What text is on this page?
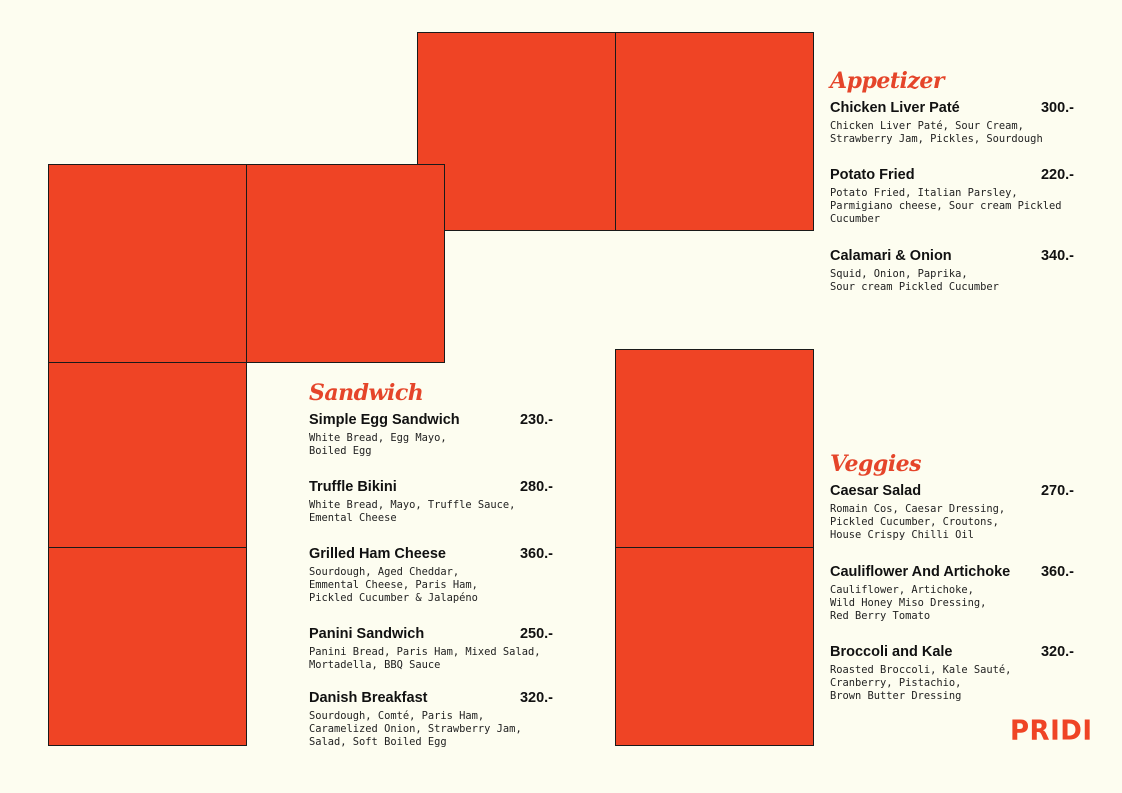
Appetizer
Chicken Liver Paté	300.-
Chicken Liver Paté, Sour Cream,
Strawberry Jam, Pickles, Sourdough
Potato Fried	220.-
Potato Fried, Italian Parsley,
Parmigiano cheese, Sour cream Pickled
Cucumber
Calamari & Onion	340.-
Squid, Onion, Paprika,
Sour cream Pickled Cucumber
Sandwich
Simple Egg Sandwich	230.-
White Bread, Egg Mayo,
Boiled Egg
Truffle Bikini	280.-
White Bread, Mayo, Truffle Sauce,
Emental Cheese
Grilled Ham Cheese	360.-
Sourdough, Aged Cheddar,
Emmental Cheese, Paris Ham,
Pickled Cucumber & Jalapéno
Panini Sandwich	250.-
Panini Bread, Paris Ham, Mixed Salad,
Mortadella, BBQ Sauce
Danish Breakfast	320.-
Sourdough, Comté, Paris Ham,
Caramelized Onion, Strawberry Jam,
Salad, Soft Boiled Egg
Veggies
Caesar Salad	270.-
Romain Cos, Caesar Dressing,
Pickled Cucumber, Croutons,
House Crispy Chilli Oil
Cauliflower And Artichoke 360.-
Cauliflower, Artichoke,
Wild Honey Miso Dressing,
Red Berry Tomato
Broccoli and Kale	320.-
Roasted Broccoli, Kale Sauté,
Cranberry, Pistachio,
Brown Butter Dressing
PRIDI
